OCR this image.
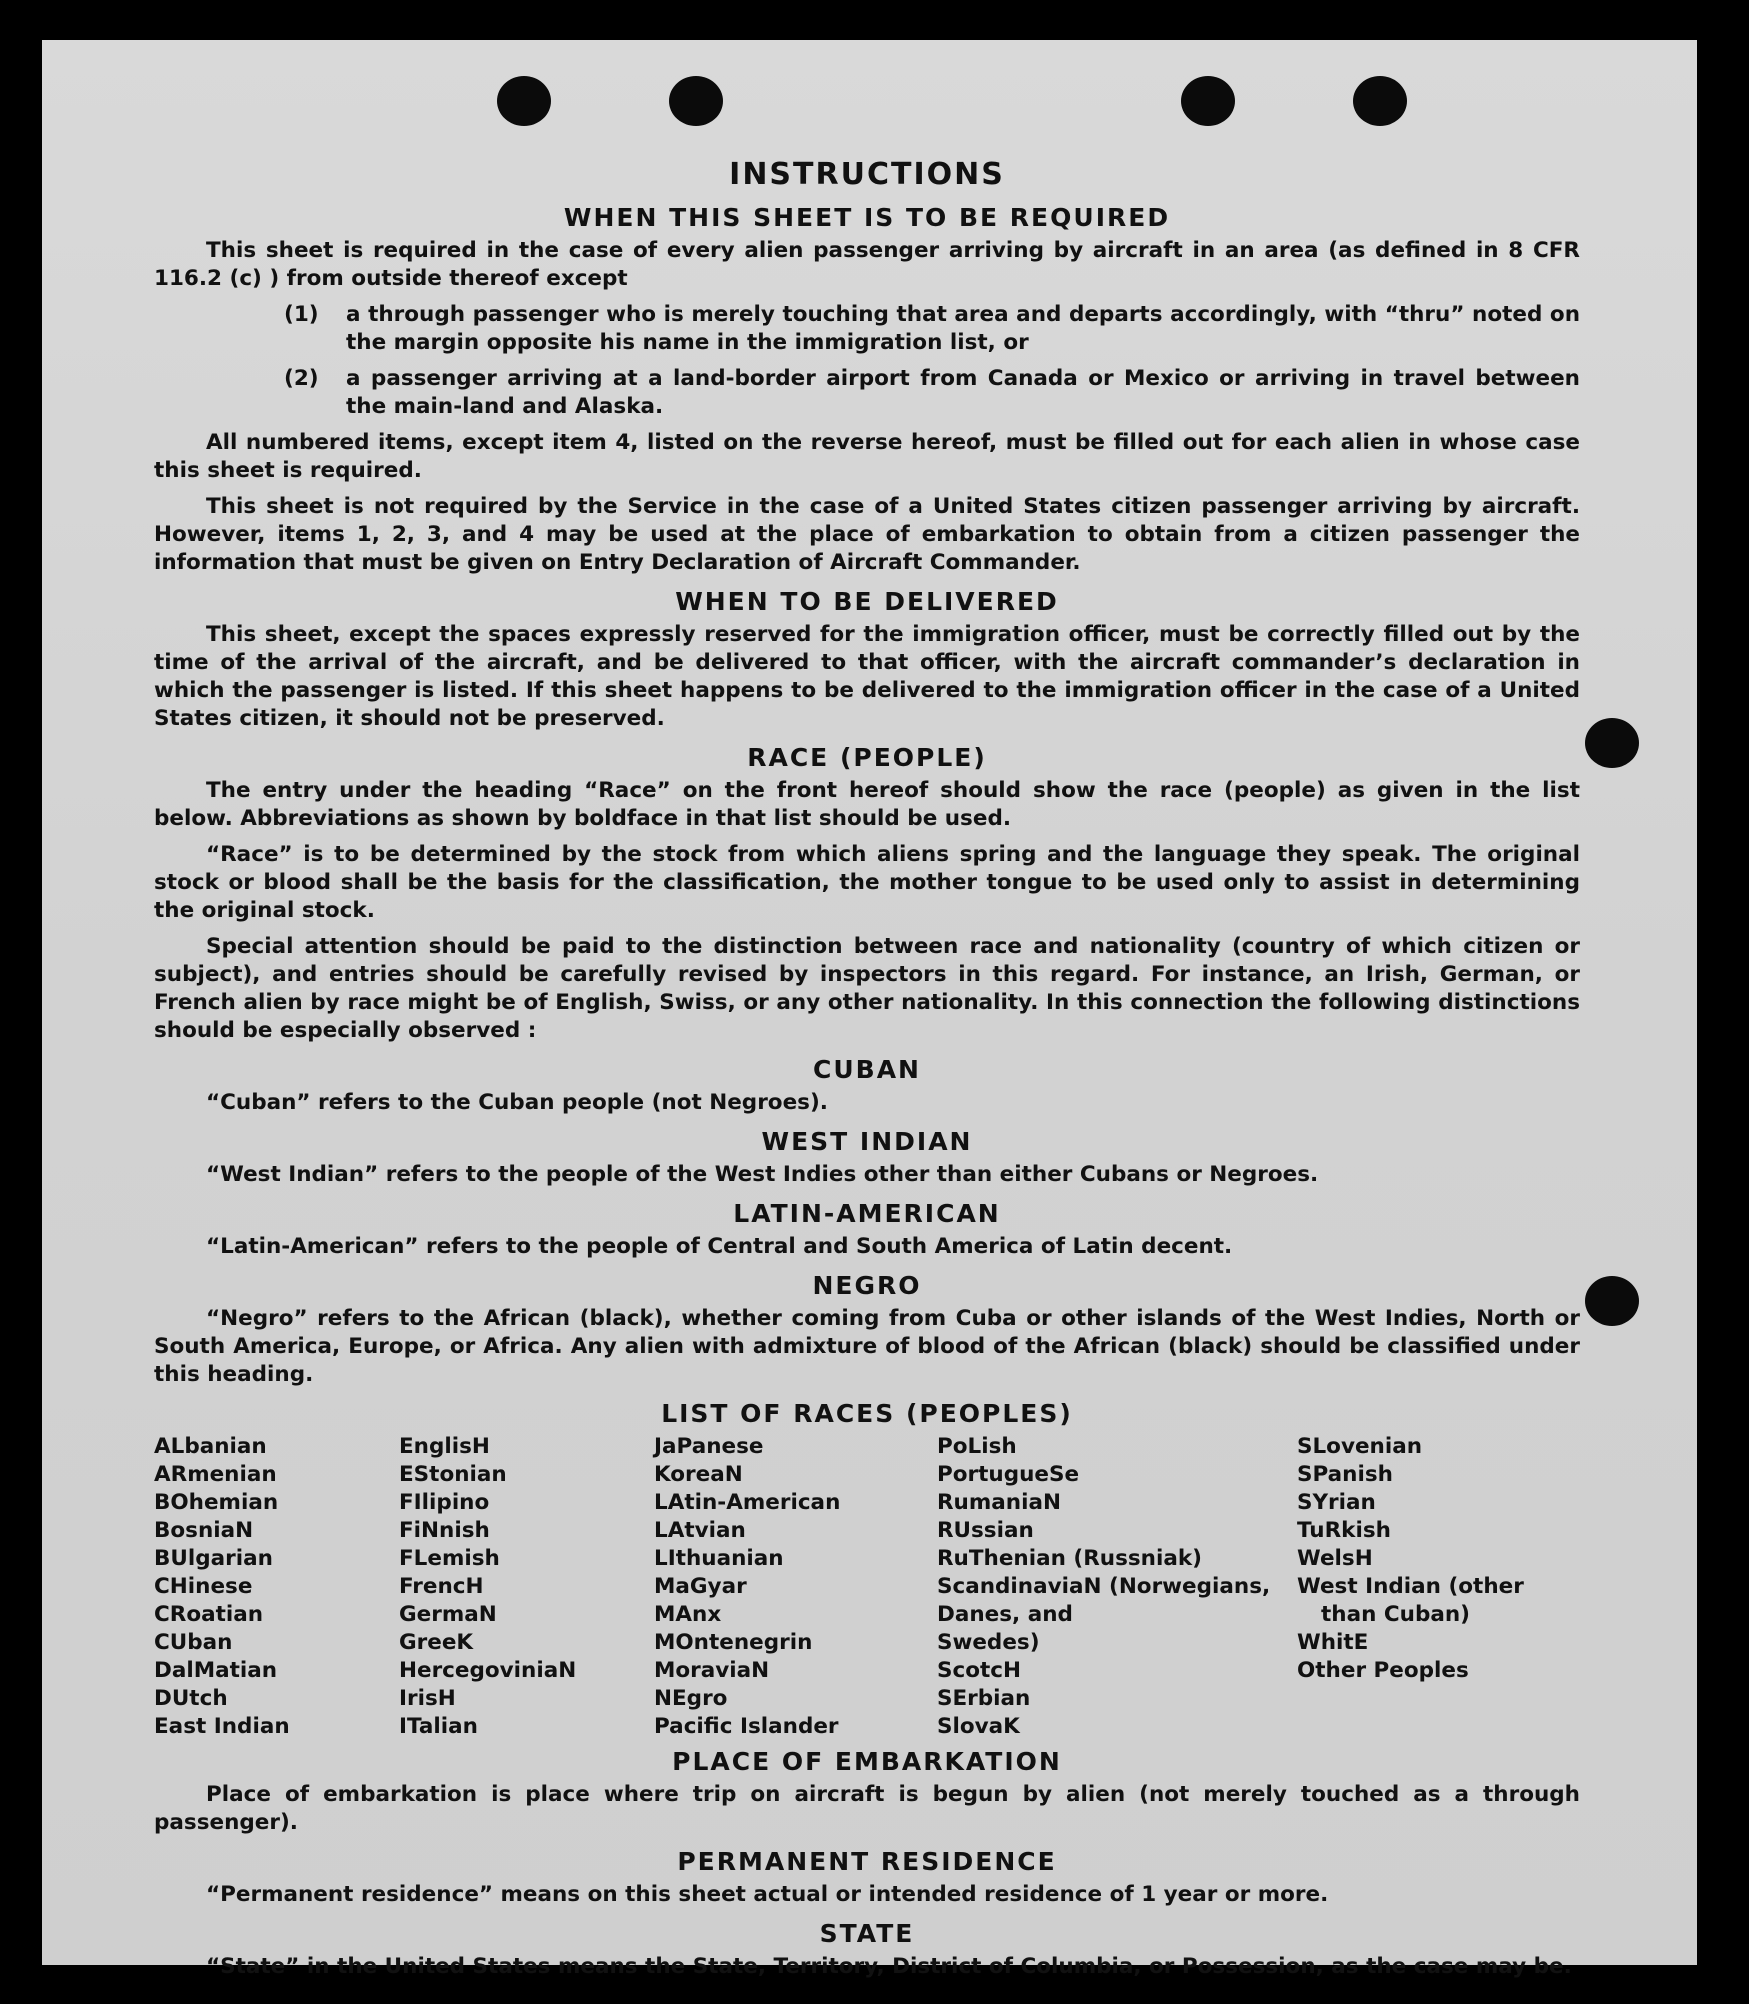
INSTRUCTIONS
WHEN THIS SHEET IS TO BE REQUIRED

This sheet is required in the case of every alien passenger arriving by aircraft in an area (as defined in 8 CFR 116.2 (c) ) from outside thereof except

(1)	a through passenger who is merely touching that area and departs accordingly, with “thru” noted on the margin opposite his name in the immigration list, or
(2)	a passenger arriving at a land-border airport from Canada or Mexico or arriving in travel between the main-land and Alaska.

All numbered items, except item 4, listed on the reverse hereof, must be filled out for each alien in whose case this sheet is required.

This sheet is not required by the Service in the case of a United States citizen passenger arriving by aircraft. However, items 1, 2, 3, and 4 may be used at the place of embarkation to obtain from a citizen passenger the information that must be given on Entry Declaration of Aircraft Commander.

WHEN TO BE DELIVERED

This sheet, except the spaces expressly reserved for the immigration officer, must be correctly filled out by the time of the arrival of the aircraft, and be delivered to that officer, with the aircraft commander’s declaration in which the passenger is listed. If this sheet happens to be delivered to the immigration officer in the case of a United States citizen, it should not be preserved.

RACE (PEOPLE)

The entry under the heading “Race” on the front hereof should show the race (people) as given in the list below. Abbreviations as shown by boldface in that list should be used.

“Race” is to be determined by the stock from which aliens spring and the language they speak. The original stock or blood shall be the basis for the classification, the mother tongue to be used only to assist in determining the original stock.

Special attention should be paid to the distinction between race and nationality (country of which citizen or subject), and entries should be carefully revised by inspectors in this regard. For instance, an Irish, German, or French alien by race might be of English, Swiss, or any other nationality. In this connection the following distinctions should be especially observed :

CUBAN

“Cuban” refers to the Cuban people (not Negroes).

WEST INDIAN

“West Indian” refers to the people of the West Indies other than either Cubans or Negroes.

LATIN-AMERICAN

“Latin-American” refers to the people of Central and South America of Latin decent.

NEGRO

“Negro” refers to the African (black), whether coming from Cuba or other islands of the West Indies, North or South America, Europe, or Africa. Any alien with admixture of blood of the African (black) should be classified under this heading.

LIST OF RACES (PEOPLES)
ALbanian
ARmenian
BOhemian
BosniaN
BUlgarian
CHinese
CRoatian
CUban
DalMatian
DUtch
East Indian
EnglisH
EStonian
FIlipino
FiNnish
FLemish
FrencH
GermaN
GreeK
HercegoviniaN
IrisH
ITalian
JaPanese
KoreaN
LAtin-American
LAtvian
LIthuanian
MaGyar
MAnx
MOntenegrin
MoraviaN
NEgro
Pacific Islander
PoLish
PortugueSe
RumaniaN
RUssian
RuThenian (Russniak)
ScandinaviaN (Norwegians,
Danes, and
Swedes)
ScotcH
SErbian
SlovaK
SLovenian
SPanish
SYrian
TuRkish
WelsH
West Indian (other
than Cuban)
WhitE
Other Peoples
PLACE OF EMBARKATION

Place of embarkation is place where trip on aircraft is begun by alien (not merely touched as a through passenger).

PERMANENT RESIDENCE

“Permanent residence” means on this sheet actual or intended residence of 1 year or more.

STATE

“State” in the United States means the State, Territory, District of Columbia, or Possession, as the case may be.
